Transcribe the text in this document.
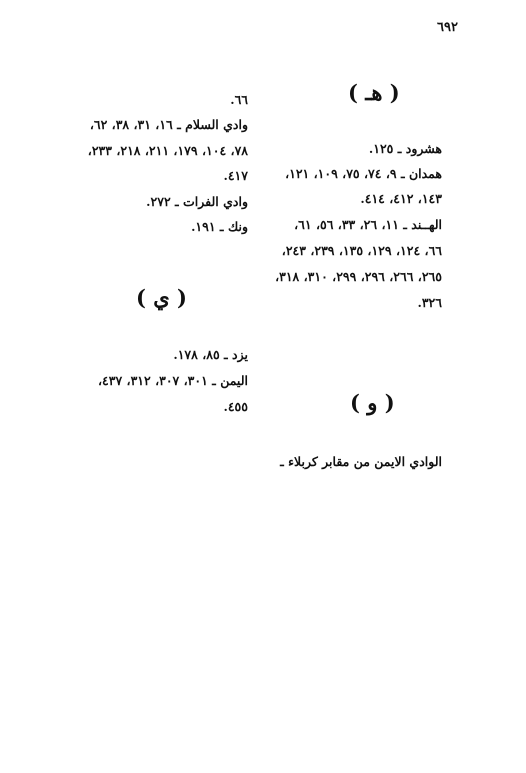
٦٩٢
( هـ )
هشرود ـ ١٢٥.
همدان ـ ٩، ٧٤، ٧٥، ١٠٩، ١٢١،
١٤٣، ٤١٢، ٤١٤.
الهــند ـ ١١، ٢٦، ٣٣، ٥٦، ٦١،
٦٦، ١٢٤، ١٢٩، ١٣٥، ٢٣٩، ٢٤٣،
٢٦٥، ٢٦٦، ٢٩٦، ٢٩٩، ٣١٠، ٣١٨،
٣٢٦.
( و )
الوادي الايمن من مقابر كربلاء ـ
٦٦.
وادي السلام ـ ١٦، ٣١، ٣٨، ٦٢،
٧٨، ١٠٤، ١٧٩، ٢١١، ٢١٨، ٢٣٣،
٤١٧.
وادي الفرات ـ ٢٧٢.
ونك ـ ١٩١.
( ي )
يزد ـ ٨٥، ١٧٨.
اليمن ـ ٣٠١، ٣٠٧، ٣١٢، ٤٣٧،
٤٥٥.
